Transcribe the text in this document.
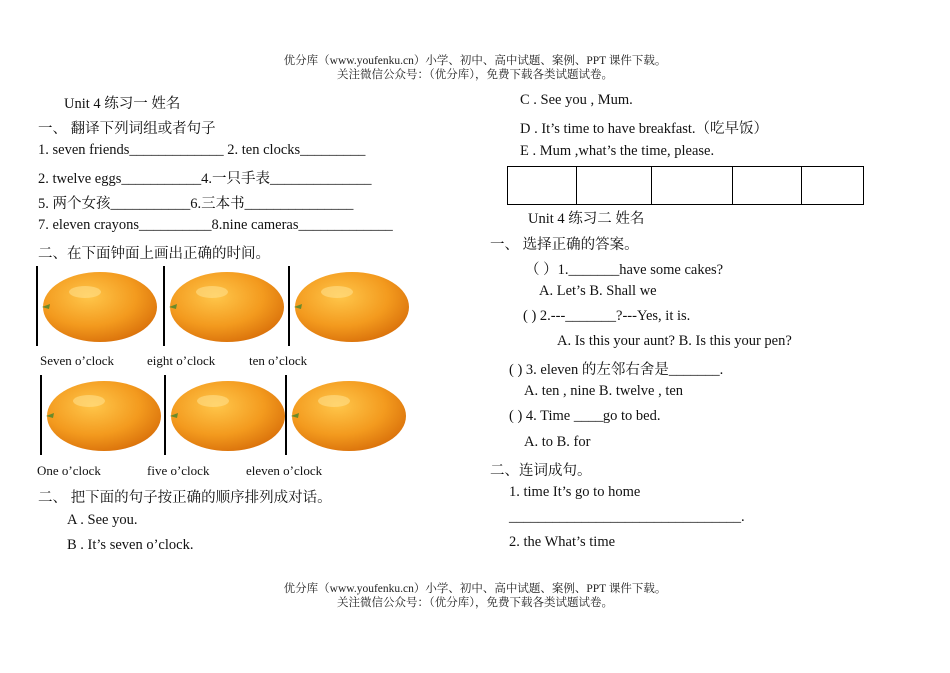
优分库（www.youfenku.cn）小学、初中、高中试题、案例、PPT 课件下载。
关注微信公众号：（优分库），免费下载各类试题试卷。
Unit 4 练习一 姓名
一、 翻译下列词组或者句子
1. seven friends_____________ 2. ten clocks_________
2. twelve eggs___________4.一只手表______________
5. 两个女孩___________6.三本书_______________
7. eleven crayons__________8.nine cameras_____________
二、在下面钟面上画出正确的时间。
Seven o’clock	eight o’clock	ten o’clock
One o’clock	five o’clock	eleven o’clock
二、 把下面的句子按正确的顺序排列成对话。
A . See you.
B . It’s seven o’clock.
C . See you , Mum.
D . It’s time to have breakfast.（吃早饭）
E . Mum ,what’s the time, please.

Unit 4 练习二 姓名
一、 选择正确的答案。
（ ）1._______have some cakes?
A. Let’s B. Shall we
( ) 2.---_______?---Yes, it is.
A. Is this your aunt? B. Is this your pen?
( ) 3. eleven 的左邻右舍是_______.
A. ten , nine B. twelve , ten
( ) 4. Time ____go to bed.
A. to B. for
二、连词成句。
1. time It’s go to home
________________________________.
2. the What’s time
优分库（www.youfenku.cn）小学、初中、高中试题、案例、PPT 课件下载。
关注微信公众号：（优分库），免费下载各类试题试卷。
